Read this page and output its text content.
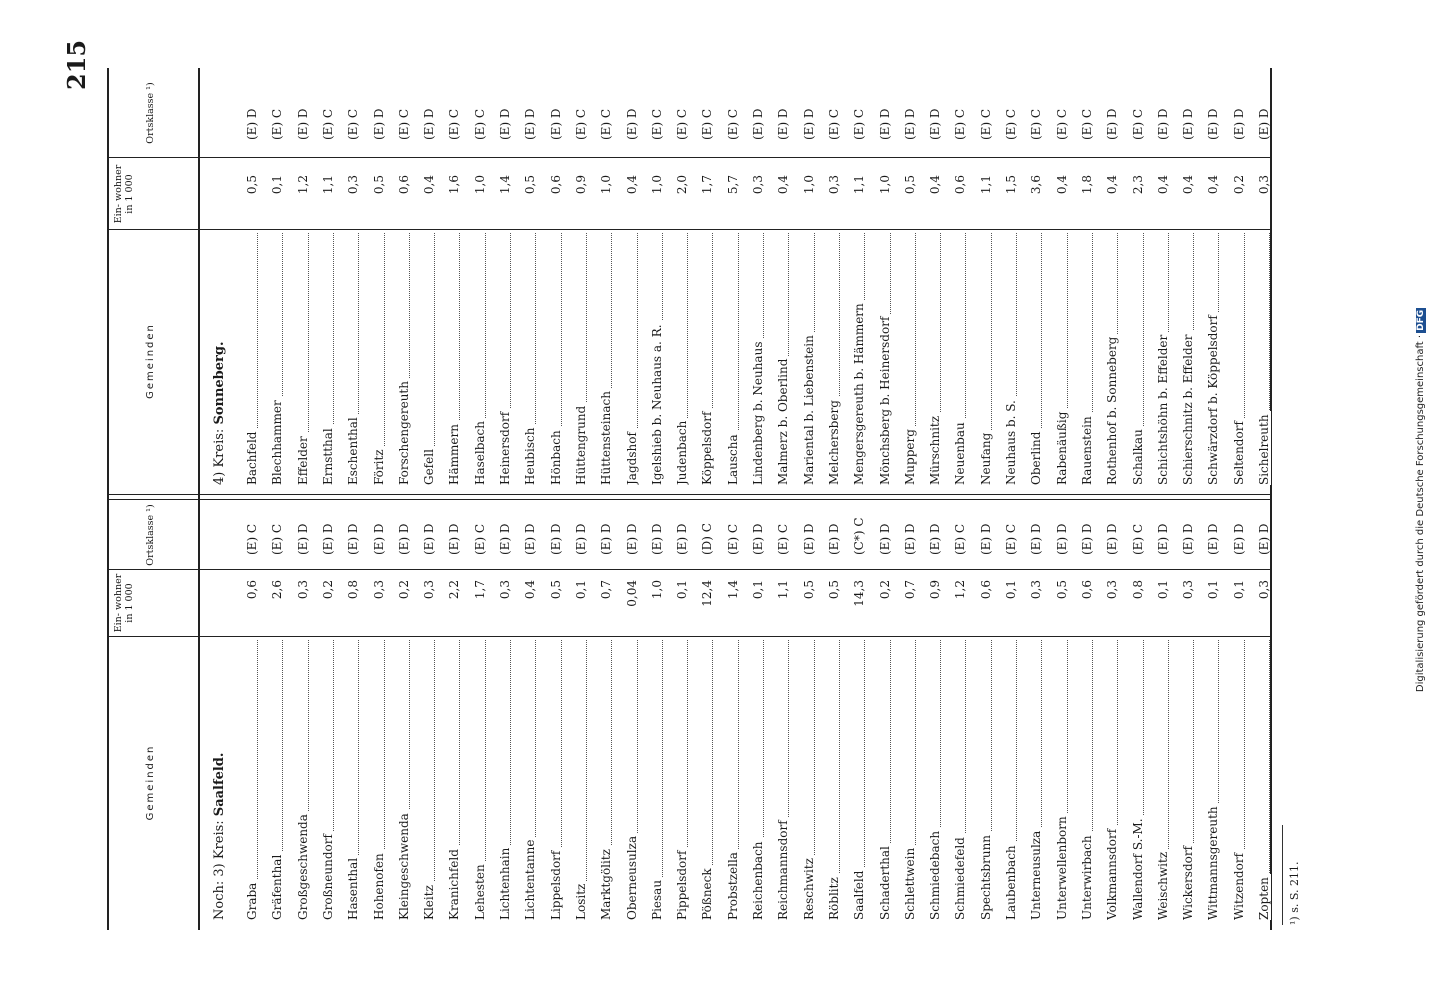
215
Gemeinden
Ein- wohner in 1 000
Ortsklasse ¹)
Gemeinden
Ein- wohner in 1 000
Ortsklasse ¹)
Noch: 3) Kreis: Saalfeld.
4) Kreis: Sonneberg.
Graba
0,6
(E) C
Gräfenthal
2,6
(E) C
Großgeschwenda
0,3
(E) D
Großneundorf
0,2
(E) D
Hasenthal
0,8
(E) D
Hohenofen
0,3
(E) D
Kleingeschwenda
0,2
(E) D
Kleitz
0,3
(E) D
Kranichfeld
2,2
(E) D
Lehesten
1,7
(E) C
Lichtenhain
0,3
(E) D
Lichtentanne
0,4
(E) D
Lippelsdorf
0,5
(E) D
Lositz
0,1
(E) D
Marktgölitz
0,7
(E) D
Oberneusulza
0,04
(E) D
Piesau
1,0
(E) D
Pippelsdorf
0,1
(E) D
Pößneck
12,4
(D) C
Probstzella
1,4
(E) C
Reichenbach
0,1
(E) D
Reichmannsdorf
1,1
(E) C
Reschwitz
0,5
(E) D
Röblitz
0,5
(E) D
Saalfeld
14,3
(C*) C
Schaderthal
0,2
(E) D
Schlettwein
0,7
(E) D
Schmiedebach
0,9
(E) D
Schmiedefeld
1,2
(E) C
Spechtsbrunn
0,6
(E) D
Laubenbach
0,1
(E) C
Unterneusulza
0,3
(E) D
Unterwellenborn
0,5
(E) D
Unterwirbach
0,6
(E) D
Volkmannsdorf
0,3
(E) D
Wallendorf S.-M.
0,8
(E) C
Weischwitz
0,1
(E) D
Wickersdorf
0,3
(E) D
Wittmannsgereuth
0,1
(E) D
Witzendorf
0,1
(E) D
Zopten
0,3
(E) D
Bachfeld
0,5
(E) D
Blechhammer
0,1
(E) C
Effelder
1,2
(E) D
Ernstthal
1,1
(E) C
Eschenthal
0,3
(E) C
Föritz
0,5
(E) D
Forschengereuth
0,6
(E) C
Gefell
0,4
(E) D
Hämmern
1,6
(E) C
Haselbach
1,0
(E) C
Heinersdorf
1,4
(E) D
Heubisch
0,5
(E) D
Hönbach
0,6
(E) D
Hüttengrund
0,9
(E) C
Hüttensteinach
1,0
(E) C
Jagdshof
0,4
(E) D
Igelshieb b. Neuhaus a. R.
1,0
(E) C
Judenbach
2,0
(E) C
Köppelsdorf
1,7
(E) C
Lauscha
5,7
(E) C
Lindenberg b. Neuhaus
0,3
(E) D
Malmerz b. Oberlind
0,4
(E) D
Mariental b. Liebenstein
1,0
(E) D
Melchersberg
0,3
(E) C
Mengersgereuth b. Hämmern
1,1
(E) C
Mönchsberg b. Heinersdorf
1,0
(E) D
Mupperg
0,5
(E) D
Mürschnitz
0,4
(E) D
Neuenbau
0,6
(E) C
Neufang
1,1
(E) C
Neuhaus b. S.
1,5
(E) C
Oberlind
3,6
(E) C
Rabenäußig
0,4
(E) C
Rauenstein
1,8
(E) C
Rothenhof b. Sonneberg
0,4
(E) D
Schalkau
2,3
(E) C
Schichtshöhn b. Effelder
0,4
(E) D
Schierschnitz b. Effelder
0,4
(E) D
Schwärzdorf b. Köppelsdorf
0,4
(E) D
Seltendorf
0,2
(E) D
Sichelreuth
0,3
(E) D
¹) s. S. 211.
Digitalisierung gefördert durch die Deutsche Forschungsgemeinschaft ·DFG
